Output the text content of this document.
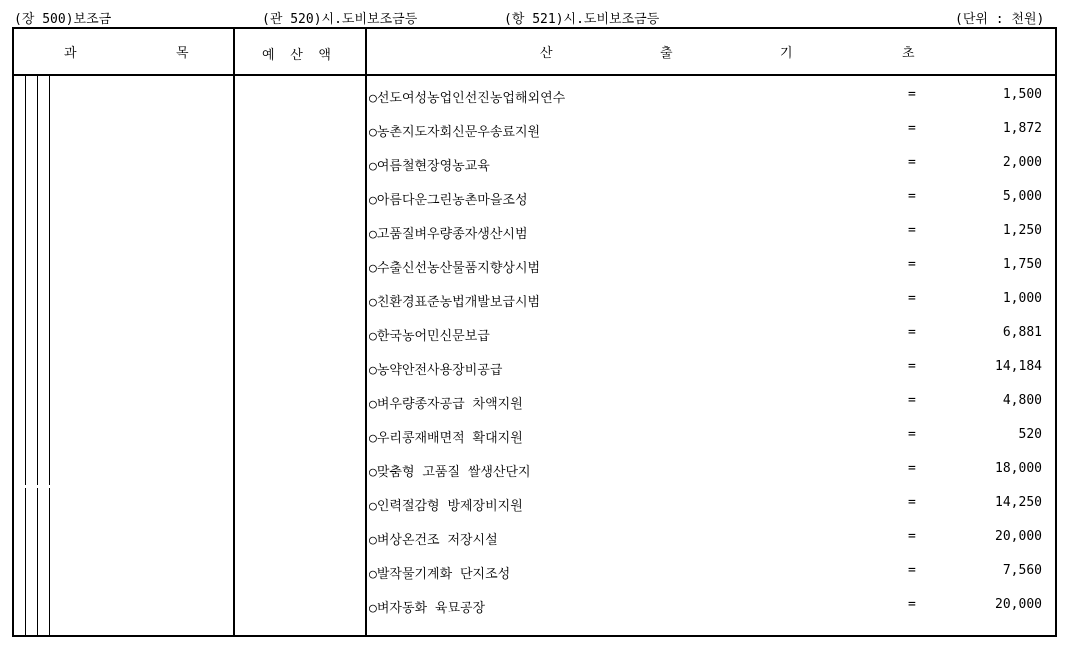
(장 500)보조금	(관 520)시.도비보조금등	(항 521)시.도비보조금등	(단위 : 천원)
과	목	예  산  액	산	출	기	초
○선도여성농업인선진농업해외연수	=	1,500
○농촌지도자회신문우송료지원	=	1,872
○여름철현장영농교육	=	2,000
○아름다운그린농촌마을조성	=	5,000
○고품질벼우량종자생산시범	=	1,250
○수출신선농산물품지향상시범	=	1,750
○친환경표준농법개발보급시범	=	1,000
○한국농어민신문보급	=	6,881
○농약안전사용장비공급	=	14,184
○벼우량종자공급 차액지원	=	4,800
○우리콩재배면적 확대지원	=	520
○맞춤형 고품질 쌀생산단지	=	18,000
○인력절감형 방제장비지원	=	14,250
○벼상온건조 저장시설	=	20,000
○발작물기계화 단지조성	=	7,560
○벼자동화 육묘공장	=	20,000
